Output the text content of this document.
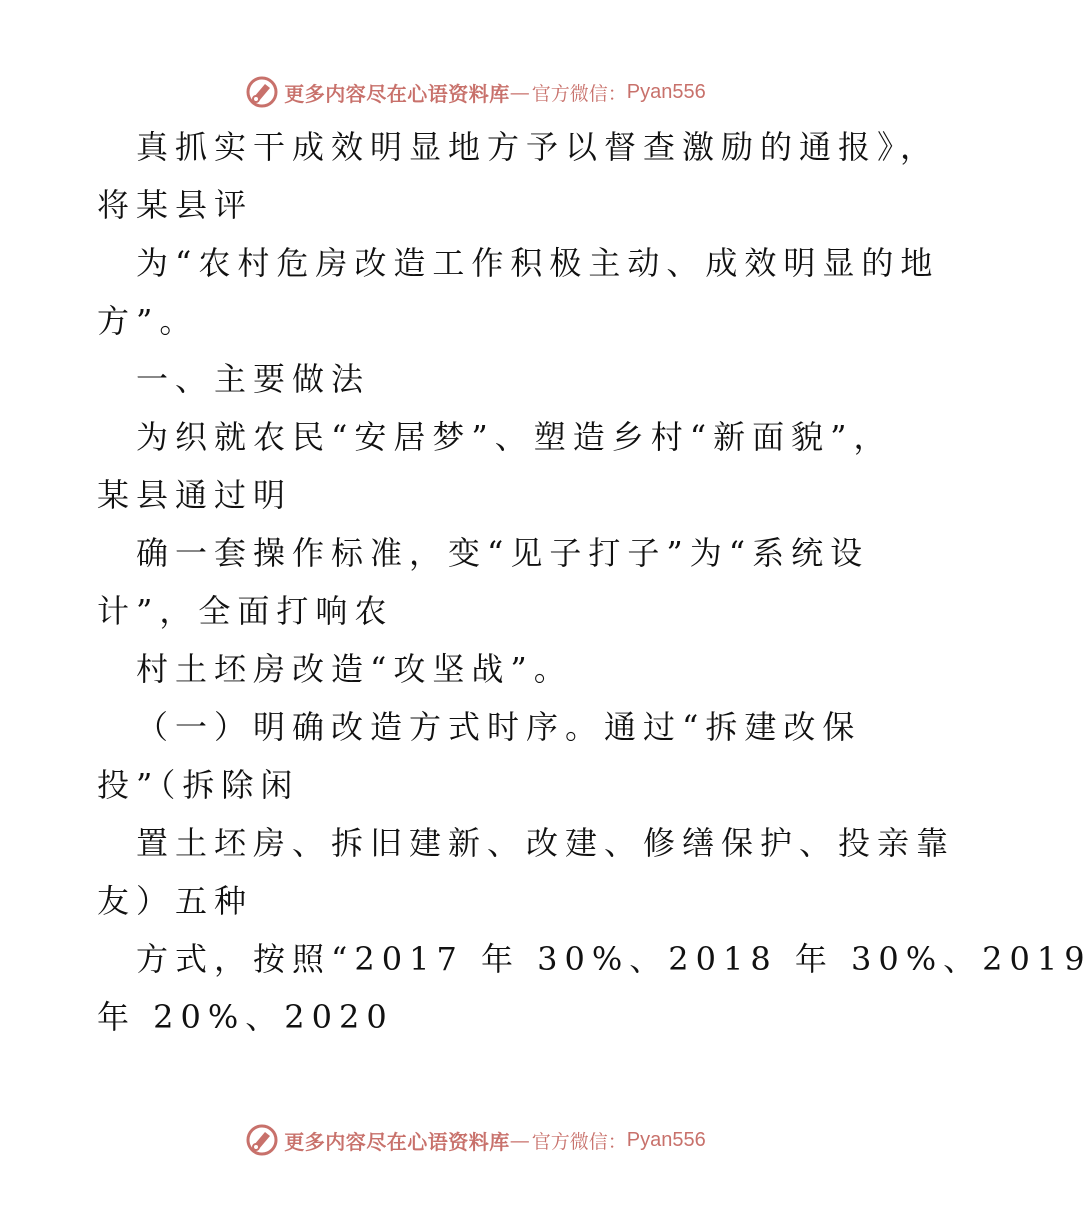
更多内容尽在心语资料库 — 官方微信： Pyan556
真抓实干成效明显地方予以督查激励的通报》，
将某县评
为“农村危房改造工作积极主动、成效明显的地
方”。
一、主要做法
为织就农民“安居梦”、塑造乡村“新面貌”，
某县通过明
确一套操作标准，变“见子打子”为“系统设
计”，全面打响农
村土坯房改造“攻坚战”。
（一）明确改造方式时序。通过“拆建改保
投”（拆除闲
置土坯房、拆旧建新、改建、修缮保护、投亲靠
友）五种
方式，按照“2017 年 30%、2018 年 30%、2019
年 20%、2020
更多内容尽在心语资料库 — 官方微信： Pyan556
